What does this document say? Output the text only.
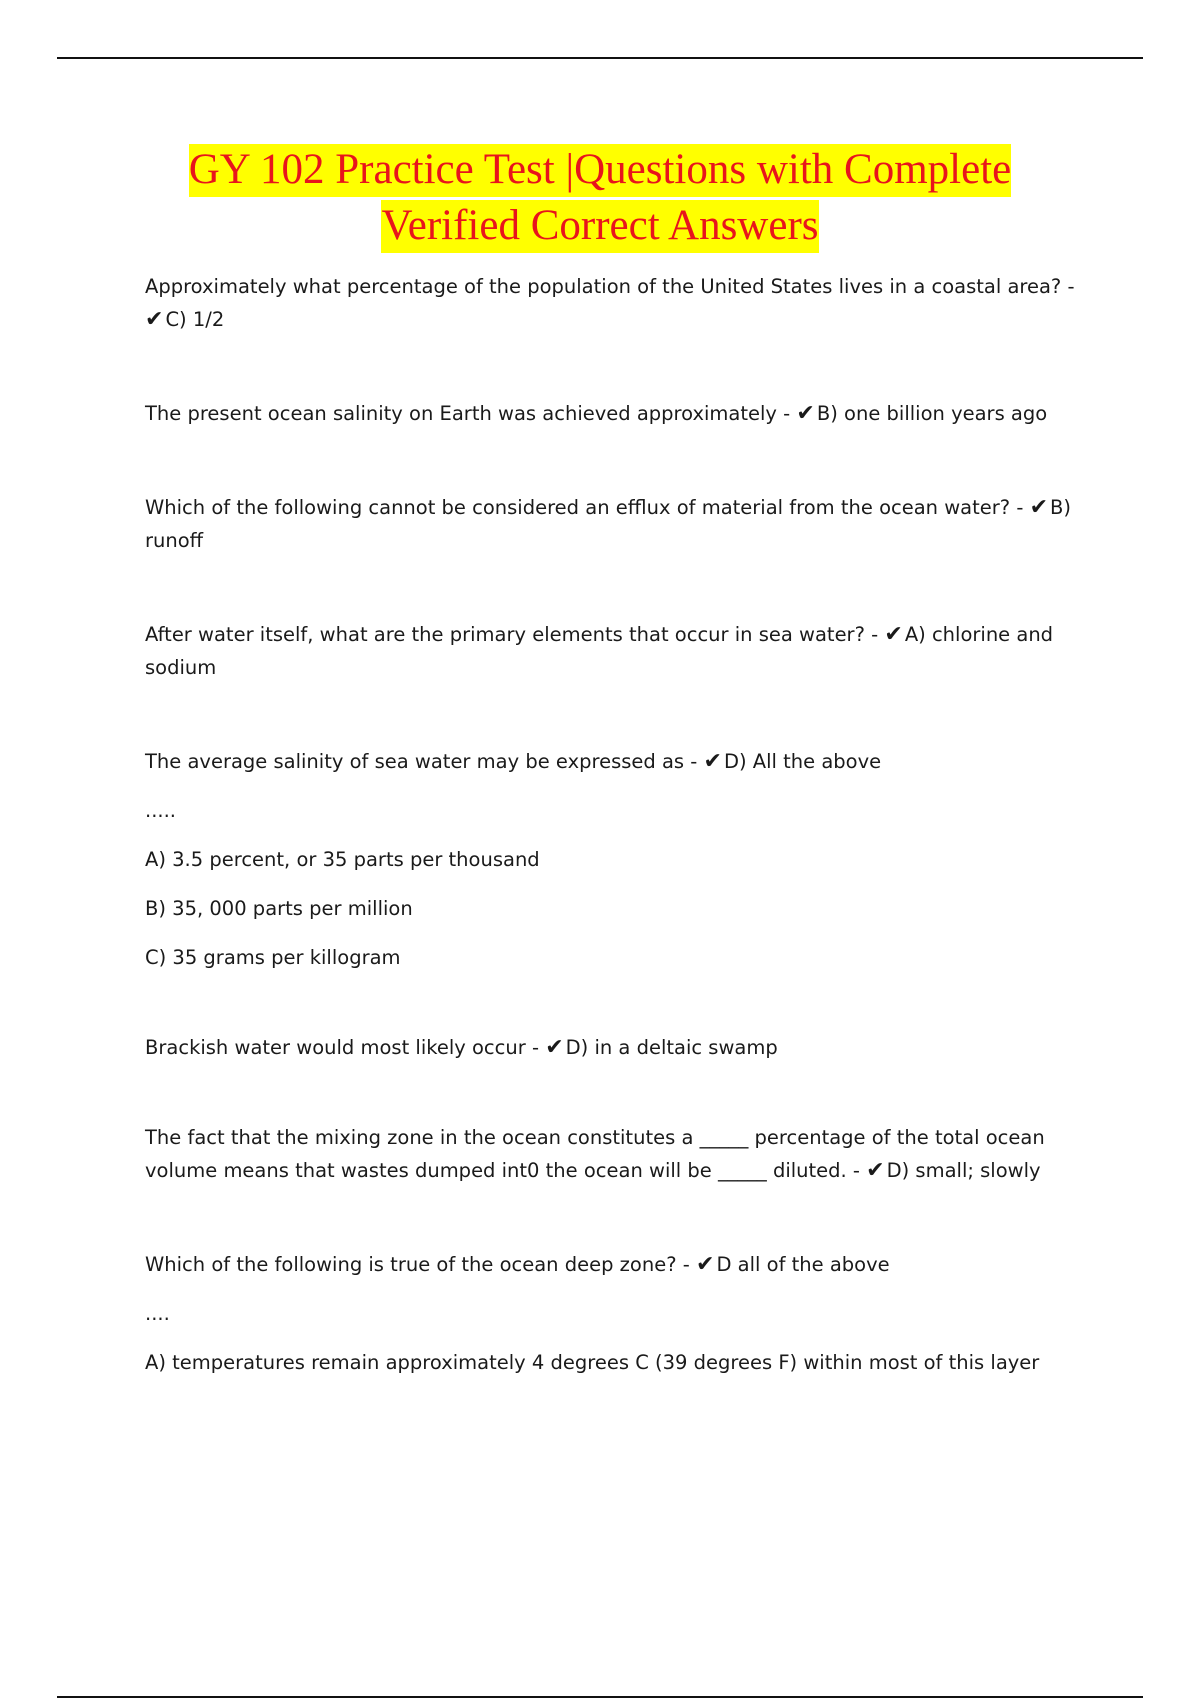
GY 102 Practice Test |Questions with Complete
Verified Correct Answers

Approximately what percentage of the population of the United States lives in a coastal area? - ✔ C) 1/2

The present ocean salinity on Earth was achieved approximately - ✔ B) one billion years ago

Which of the following cannot be considered an efflux of material from the ocean water? - ✔ B) runoff

After water itself, what are the primary elements that occur in sea water? - ✔ A) chlorine and sodium

The average salinity of sea water may be expressed as - ✔ D) All the above

.....

A) 3.5 percent, or 35 parts per thousand

B) 35, 000 parts per million

C) 35 grams per killogram

Brackish water would most likely occur - ✔ D) in a deltaic swamp

The fact that the mixing zone in the ocean constitutes a _____ percentage of the total ocean volume means that wastes dumped int0 the ocean will be _____ diluted. - ✔ D) small; slowly

Which of the following is true of the ocean deep zone? - ✔ D all of the above

....

A) temperatures remain approximately 4 degrees C (39 degrees F) within most of this layer
